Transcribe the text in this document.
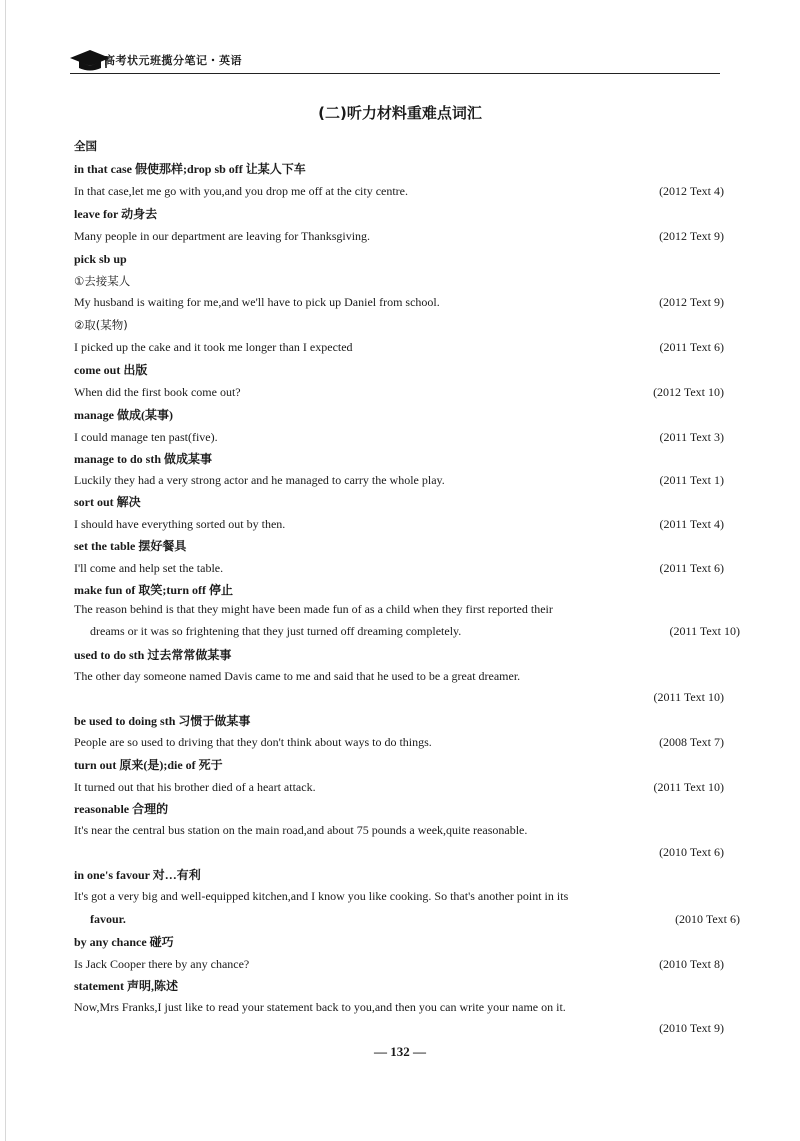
高考状元班揽分笔记・英语
(二)听力材料重难点词汇
全国
in that case 假使那样;drop sb off 让某人下车
In that case,let me go with you,and you drop me off at the city centre.	(2012 Text 4)
leave for 动身去
Many people in our department are leaving for Thanksgiving.	(2012 Text 9)
pick sb up
①去接某人
My husband is waiting for me,and we'll have to pick up Daniel from school.	(2012 Text 9)
②取(某物)
I picked up the cake and it took me longer than I expected	(2011 Text 6)
come out 出版
When did the first book come out?	(2012 Text 10)
manage 做成(某事)
I could manage ten past(five).	(2011 Text 3)
manage to do sth 做成某事
Luckily they had a very strong actor and he managed to carry the whole play.	(2011 Text 1)
sort out 解决
I should have everything sorted out by then.	(2011 Text 4)
set the table 摆好餐具
I'll come and help set the table.	(2011 Text 6)
make fun of 取笑;turn off 停止
The reason behind is that they might have been made fun of as a child when they first reported their
dreams or it was so frightening that they just turned off dreaming completely.	(2011 Text 10)
used to do sth 过去常常做某事
The other day someone named Davis came to me and said that he used to be a great dreamer.
(2011 Text 10)
be used to doing sth 习惯于做某事
People are so used to driving that they don't think about ways to do things.	(2008 Text 7)
turn out 原来(是);die of 死于
It turned out that his brother died of a heart attack.	(2011 Text 10)
reasonable 合理的
It's near the central bus station on the main road,and about 75 pounds a week,quite reasonable.
(2010 Text 6)
in one's favour 对…有利
It's got a very big and well-equipped kitchen,and I know you like cooking. So that's another point in its
favour.	(2010 Text 6)
by any chance 碰巧
Is Jack Cooper there by any chance?	(2010 Text 8)
statement 声明,陈述
Now,Mrs Franks,I just like to read your statement back to you,and then you can write your name on it.
(2010 Text 9)
— 132 —
